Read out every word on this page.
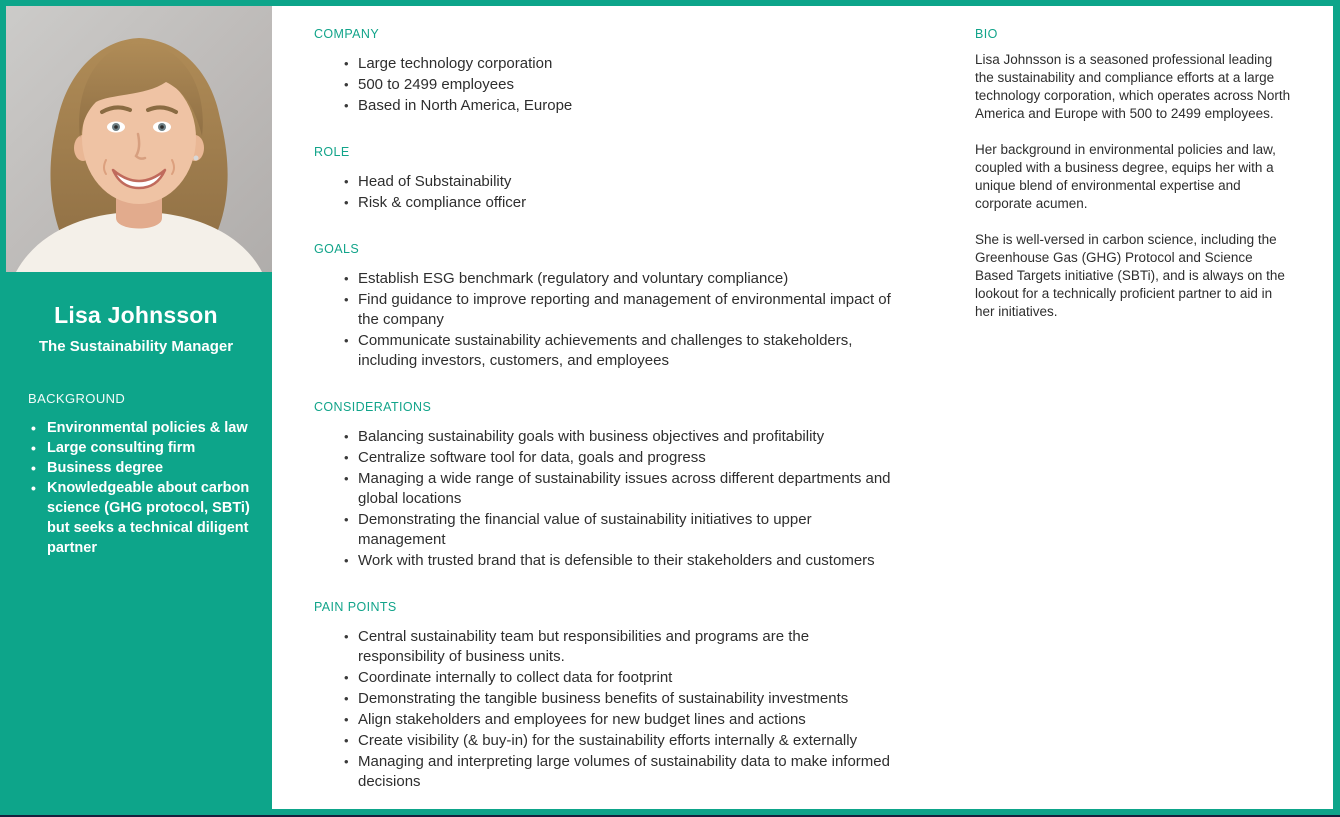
Lisa Johnsson
The Sustainability Manager
BACKGROUND
• Environmental policies & law
• Large consulting firm
• Business degree
• Knowledgeable about carbon science (GHG protocol, SBTi) but seeks a technical diligent partner
COMPANY
• Large technology corporation
• 500 to 2499 employees
• Based in North America, Europe
ROLE
• Head of Substainability
• Risk & compliance officer
GOALS
• Establish ESG benchmark (regulatory and voluntary compliance)
• Find guidance to improve reporting and management of environmental impact of the company
• Communicate sustainability achievements and challenges to stakeholders, including investors, customers, and employees
CONSIDERATIONS
• Balancing sustainability goals with business objectives and profitability
• Centralize software tool for data, goals and progress
• Managing a wide range of sustainability issues across different departments and global locations
• Demonstrating the financial value of sustainability initiatives to upper management
• Work with trusted brand that is defensible to their stakeholders and customers
PAIN POINTS
• Central sustainability team but responsibilities and programs are the responsibility of business units.
• Coordinate internally to collect data for footprint
• Demonstrating the tangible business benefits of sustainability investments
• Align stakeholders and employees for new budget lines and actions
• Create visibility (& buy-in) for the sustainability efforts internally & externally
• Managing and interpreting large volumes of sustainability data to make informed decisions
BIO

Lisa Johnsson is a seasoned professional leading the sustainability and compliance efforts at a large technology corporation, which operates across North America and Europe with 500 to 2499 employees.

Her background in environmental policies and law, coupled with a business degree, equips her with a unique blend of environmental expertise and corporate acumen.

She is well-versed in carbon science, including the Greenhouse Gas (GHG) Protocol and Science Based Targets initiative (SBTi), and is always on the lookout for a technically proficient partner to aid in her initiatives.
